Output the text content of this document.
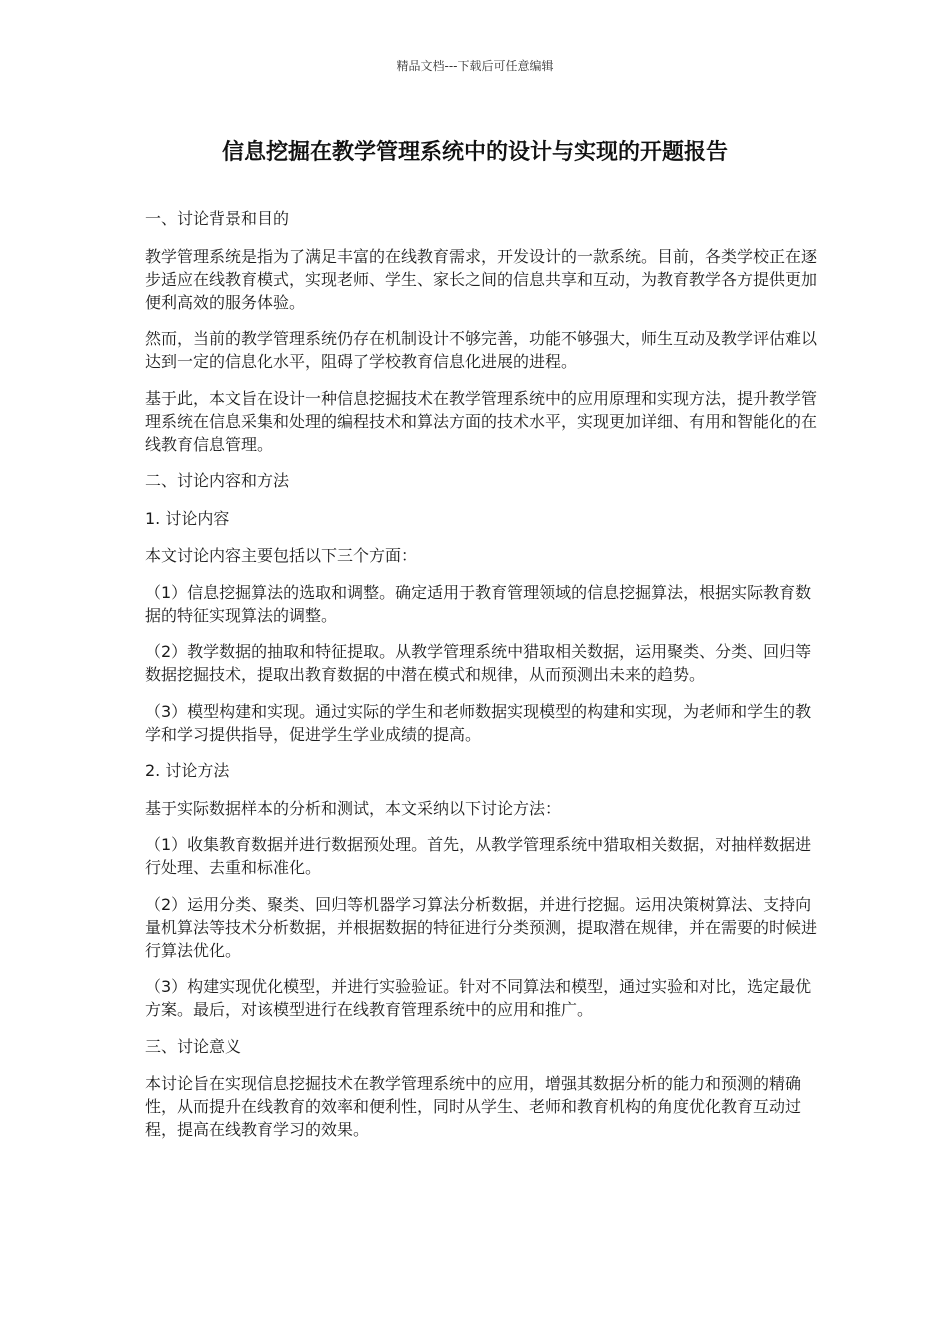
精品文档---下载后可任意编辑
信息挖掘在教学管理系统中的设计与实现的开题报告

一、讨论背景和目的

教学管理系统是指为了满足丰富的在线教育需求，开发设计的一款系统。目前，各类学校正在逐步适应在线教育模式，实现老师、学生、家长之间的信息共享和互动，为教育教学各方提供更加便利高效的服务体验。

然而，当前的教学管理系统仍存在机制设计不够完善，功能不够强大，师生互动及教学评估难以达到一定的信息化水平，阻碍了学校教育信息化进展的进程。

基于此，本文旨在设计一种信息挖掘技术在教学管理系统中的应用原理和实现方法，提升教学管理系统在信息采集和处理的编程技术和算法方面的技术水平，实现更加详细、有用和智能化的在线教育信息管理。

二、讨论内容和方法

1. 讨论内容

本文讨论内容主要包括以下三个方面：

（1）信息挖掘算法的选取和调整。确定适用于教育管理领域的信息挖掘算法，根据实际教育数据的特征实现算法的调整。

（2）教学数据的抽取和特征提取。从教学管理系统中猎取相关数据，运用聚类、分类、回归等数据挖掘技术，提取出教育数据的中潜在模式和规律，从而预测出未来的趋势。

（3）模型构建和实现。通过实际的学生和老师数据实现模型的构建和实现，为老师和学生的教学和学习提供指导，促进学生学业成绩的提高。

2. 讨论方法

基于实际数据样本的分析和测试，本文采纳以下讨论方法：

（1）收集教育数据并进行数据预处理。首先，从教学管理系统中猎取相关数据，对抽样数据进行处理、去重和标准化。

（2）运用分类、聚类、回归等机器学习算法分析数据，并进行挖掘。运用决策树算法、支持向量机算法等技术分析数据，并根据数据的特征进行分类预测，提取潜在规律，并在需要的时候进行算法优化。

（3）构建实现优化模型，并进行实验验证。针对不同算法和模型，通过实验和对比，选定最优方案。最后，对该模型进行在线教育管理系统中的应用和推广。

三、讨论意义

本讨论旨在实现信息挖掘技术在教学管理系统中的应用，增强其数据分析的能力和预测的精确性，从而提升在线教育的效率和便利性，同时从学生、老师和教育机构的角度优化教育互动过程，提高在线教育学习的效果。
